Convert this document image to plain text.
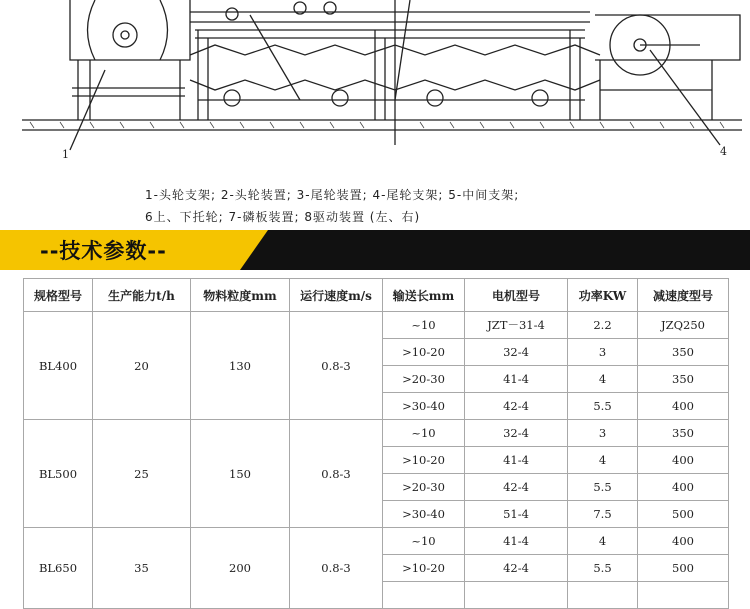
1	4
1-头轮支架; 2-头轮装置; 3-尾轮装置; 4-尾轮支架; 5-中间支架;
6上、下托轮; 7-磷板装置; 8驱动装置 (左、右)
--技术参数--
规格型号	生产能力t/h	物料粒度mm	运行速度m/s	输送长mm	电机型号	功率KW	减速度型号
BL400	20	130	0.8-3	~10	JZT－31-4	2.2	JZQ250
				>10-20	32-4	3	350
				>20-30	41-4	4	350
				>30-40	42-4	5.5	400
BL500	25	150	0.8-3	~10	32-4	3	350
				>10-20	41-4	4	400
				>20-30	42-4	5.5	400
				>30-40	51-4	7.5	500
BL650	35	200	0.8-3	~10	41-4	4	400
				>10-20	42-4	5.5	500
